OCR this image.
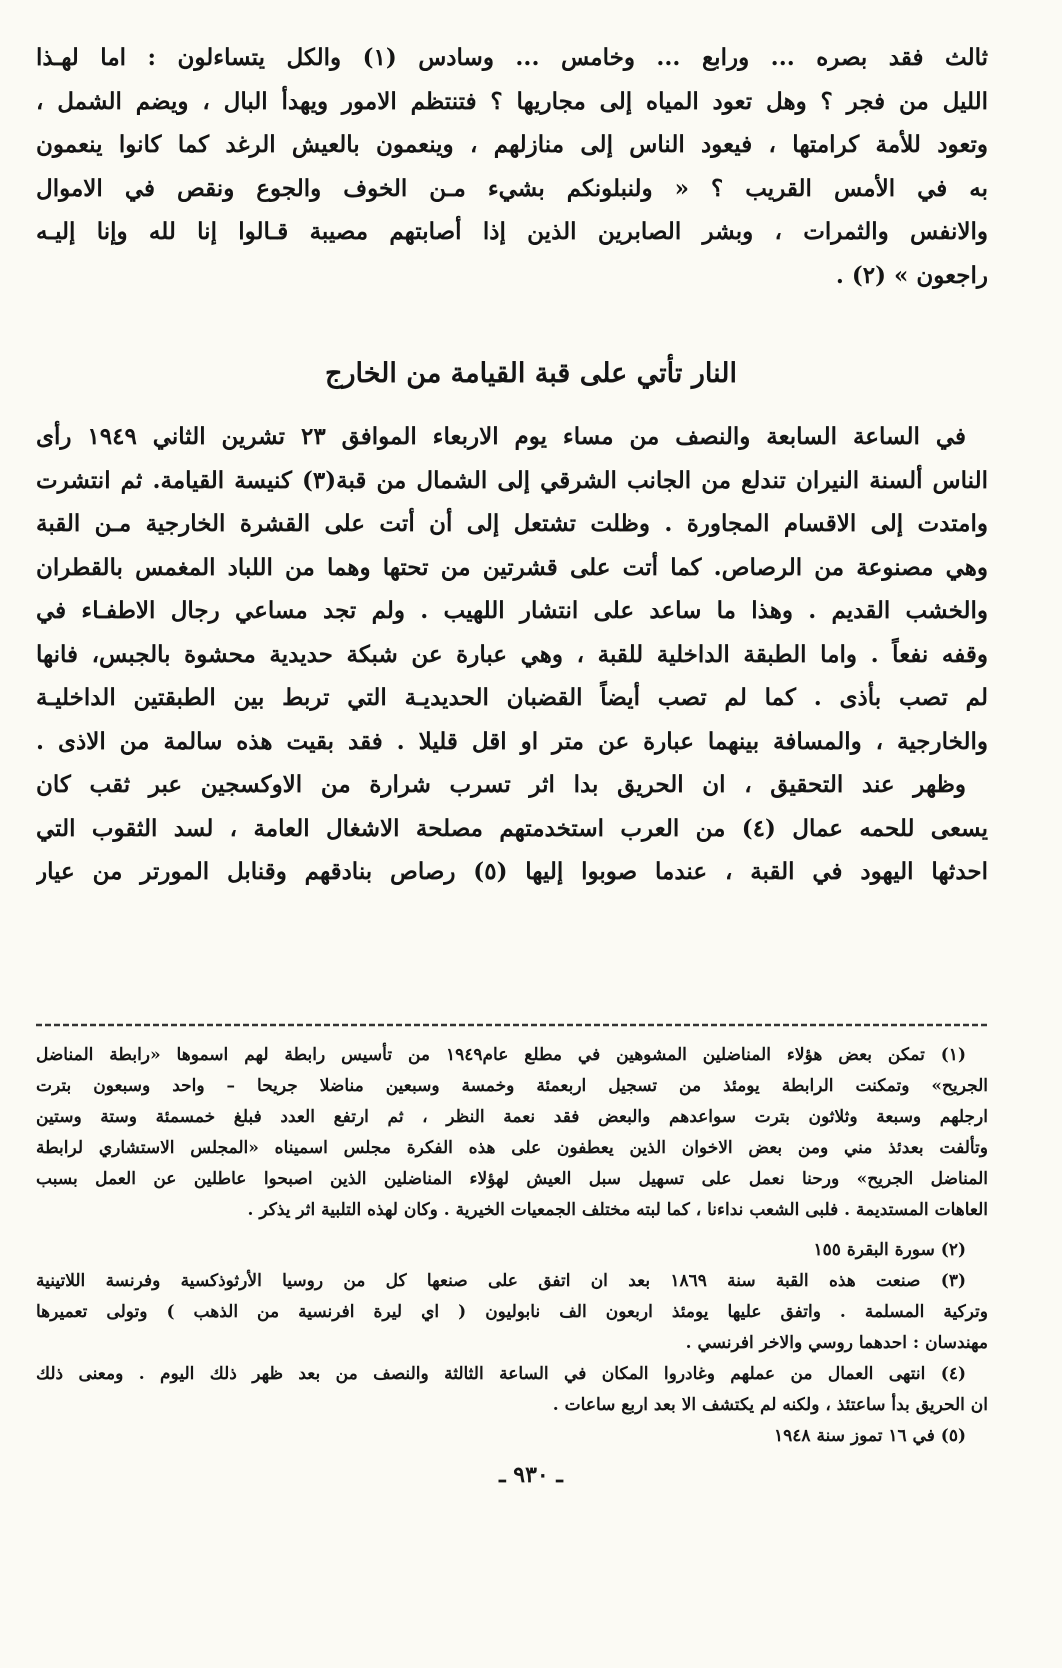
ثالث فقد بصره ... ورابع ... وخامس ... وسادس (١) والكل يتساءلون : اما لهـذا
الليل من فجر ؟ وهل تعود المياه إلى مجاريها ؟ فتنتظم الامور ويهدأ البال ، ويضم الشمل ،
وتعود للأمة كرامتها ، فيعود الناس إلى منازلهم ، وينعمون بالعيش الرغد كما كانوا ينعمون
به في الأمس القريب ؟ « ولنبلونكم بشيء مـن الخوف والجوع ونقص في الاموال
والانفس والثمرات ، وبشر الصابرين الذين إذا أصابتهم مصيبة قـالوا إنا لله وإنا إليـه
راجعون » (٢) .
النار تأتي على قبة القيامة من الخارج
في الساعة السابعة والنصف من مساء يوم الاربعاء الموافق ٢٣ تشرين الثاني ١٩٤٩ رأى
الناس ألسنة النيران تندلع من الجانب الشرقي إلى الشمال من قبة(٣) كنيسة القيامة. ثم انتشرت
وامتدت إلى الاقسام المجاورة . وظلت تشتعل إلى أن أتت على القشرة الخارجية مـن القبة
وهي مصنوعة من الرصاص. كما أتت على قشرتين من تحتها وهما من اللباد المغمس بالقطران
والخشب القديم . وهذا ما ساعد على انتشار اللهيب . ولم تجد مساعي رجال الاطفـاء في
وقفه نفعاً . واما الطبقة الداخلية للقبة ، وهي عبارة عن شبكة حديدية محشوة بالجبس، فانها
لم تصب بأذى . كما لم تصب أيضاً القضبان الحديديـة التي تربط بين الطبقتين الداخليـة
والخارجية ، والمسافة بينهما عبارة عن متر او اقل قليلا . فقد بقيت هذه سالمة من الاذى .
وظهر عند التحقيق ، ان الحريق بدا اثر تسرب شرارة من الاوكسجين عبر ثقب كان
يسعى للحمه عمال (٤) من العرب استخدمتهم مصلحة الاشغال العامة ، لسد الثقوب التي
احدثها اليهود في القبة ، عندما صوبوا إليها (٥) رصاص بنادقهم وقنابل المورتر من عيار
(١) تمكن بعض هؤلاء المناضلين المشوهين في مطلع عام١٩٤٩ من تأسيس رابطة لهم اسموها «رابطة المناضل
الجريح» وتمكنت الرابطة يومئذ من تسجيل اربعمئة وخمسة وسبعين مناضلا جريحا – واحد وسبعون بترت
ارجلهم وسبعة وثلاثون بترت سواعدهم والبعض فقد نعمة النظر ، ثم ارتفع العدد فبلغ خمسمئة وستة وستين
وتألفت بعدئذ مني ومن بعض الاخوان الذين يعطفون على هذه الفكرة مجلس اسميناه «المجلس الاستشاري لرابطة
المناضل الجريح» ورحنا نعمل على تسهيل سبل العيش لهؤلاء المناضلين الذين اصبحوا عاطلين عن العمل بسبب
العاهات المستديمة . فلبى الشعب نداءنا ، كما لبته مختلف الجمعيات الخيرية . وكان لهذه التلبية اثر يذكر .
(٢) سورة البقرة ١٥٥
(٣) صنعت هذه القبة سنة ١٨٦٩ بعد ان اتفق على صنعها كل من روسيا الأرثوذكسية وفرنسة اللاتينية
وتركية المسلمة . واتفق عليها يومئذ اربعون الف نابوليون ( اي ليرة افرنسية من الذهب ) وتولى تعميرها
مهندسان : احدهما روسي والاخر افرنسي .
(٤) انتهى العمال من عملهم وغادروا المكان في الساعة الثالثة والنصف من بعد ظهر ذلك اليوم . ومعنى ذلك
ان الحريق بدأ ساعتئذ ، ولكنه لم يكتشف الا بعد اربع ساعات .
(٥) في ١٦ تموز سنة ١٩٤٨
ـ ٩٣٠ ـ
